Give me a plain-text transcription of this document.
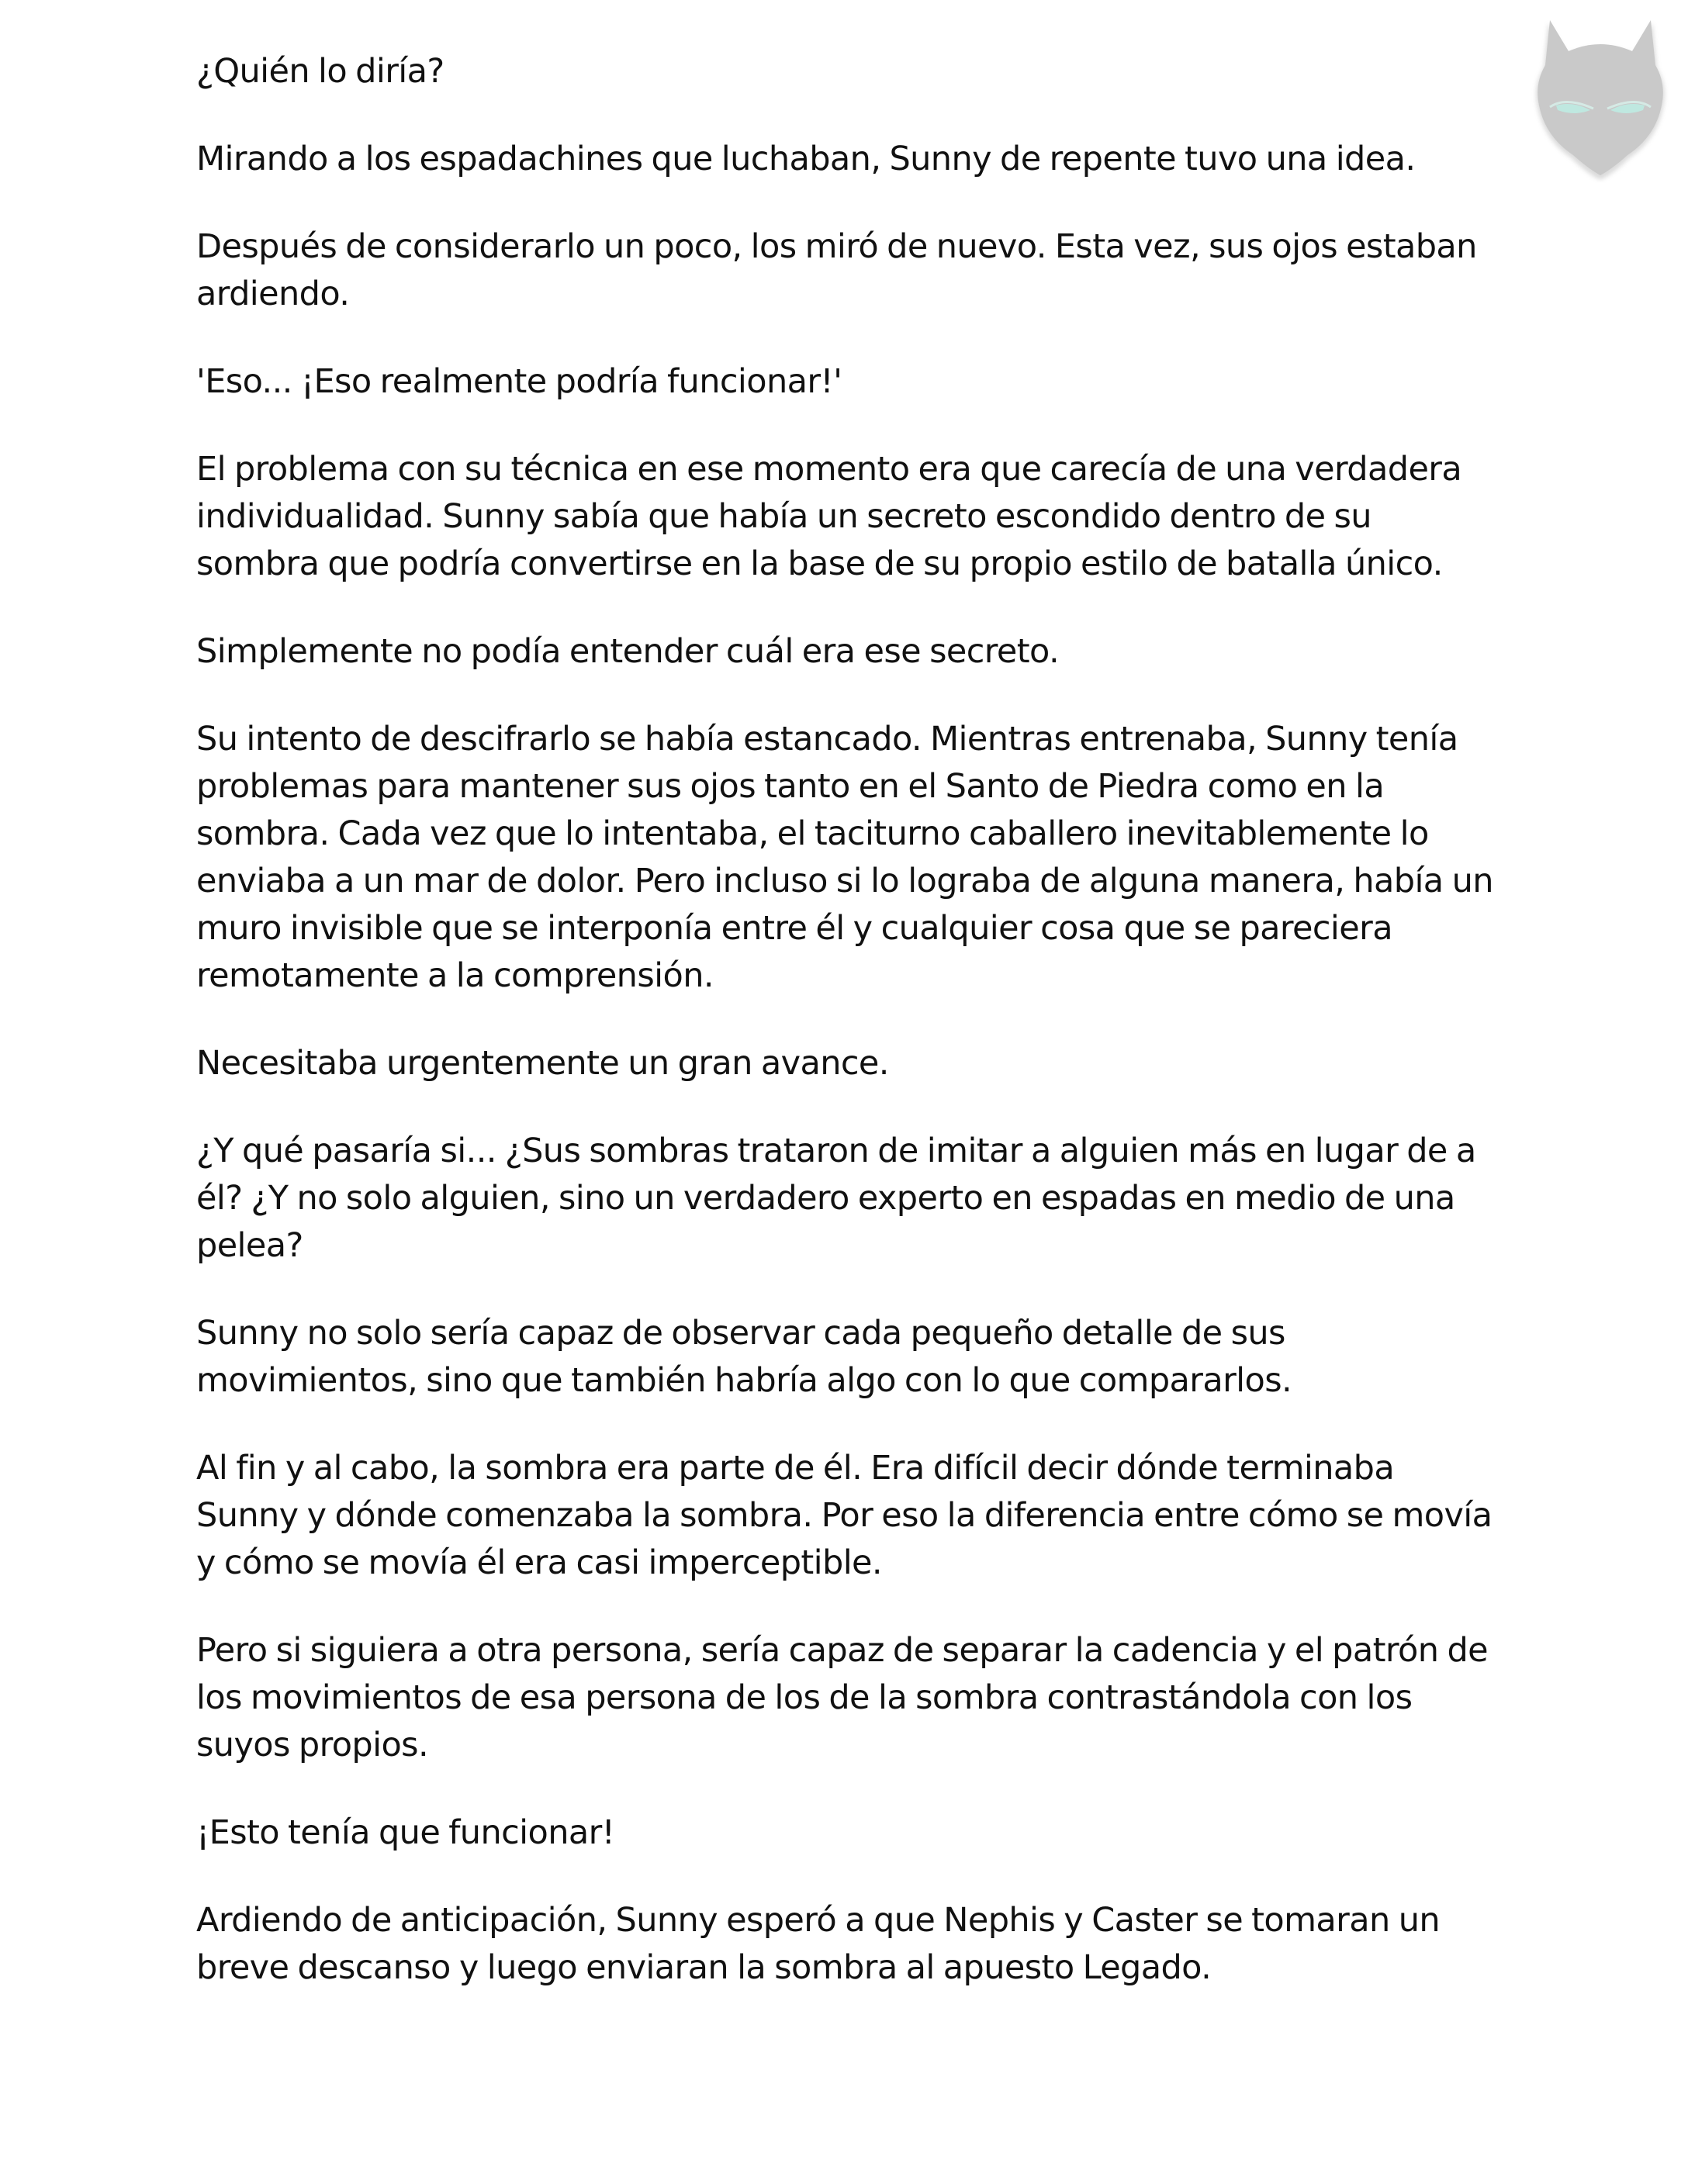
¿Quién lo diría?

Mirando a los espadachines que luchaban, Sunny de repente tuvo una idea.

Después de considerarlo un poco, los miró de nuevo. Esta vez, sus ojos estaban ardiendo.

'Eso... ¡Eso realmente podría funcionar!'

El problema con su técnica en ese momento era que carecía de una verdadera individualidad. Sunny sabía que había un secreto escondido dentro de su sombra que podría convertirse en la base de su propio estilo de batalla único.

Simplemente no podía entender cuál era ese secreto.

Su intento de descifrarlo se había estancado. Mientras entrenaba, Sunny tenía problemas para mantener sus ojos tanto en el Santo de Piedra como en la sombra. Cada vez que lo intentaba, el taciturno caballero inevitablemente lo enviaba a un mar de dolor. Pero incluso si lo lograba de alguna manera, había un muro invisible que se interponía entre él y cualquier cosa que se pareciera remotamente a la comprensión.

Necesitaba urgentemente un gran avance.

¿Y qué pasaría si... ¿Sus sombras trataron de imitar a alguien más en lugar de a él? ¿Y no solo alguien, sino un verdadero experto en espadas en medio de una pelea?

Sunny no solo sería capaz de observar cada pequeño detalle de sus movimientos, sino que también habría algo con lo que compararlos.

Al fin y al cabo, la sombra era parte de él. Era difícil decir dónde terminaba Sunny y dónde comenzaba la sombra. Por eso la diferencia entre cómo se movía y cómo se movía él era casi imperceptible.

Pero si siguiera a otra persona, sería capaz de separar la cadencia y el patrón de los movimientos de esa persona de los de la sombra contrastándola con los suyos propios.

¡Esto tenía que funcionar!

Ardiendo de anticipación, Sunny esperó a que Nephis y Caster se tomaran un breve descanso y luego enviaran la sombra al apuesto Legado.
